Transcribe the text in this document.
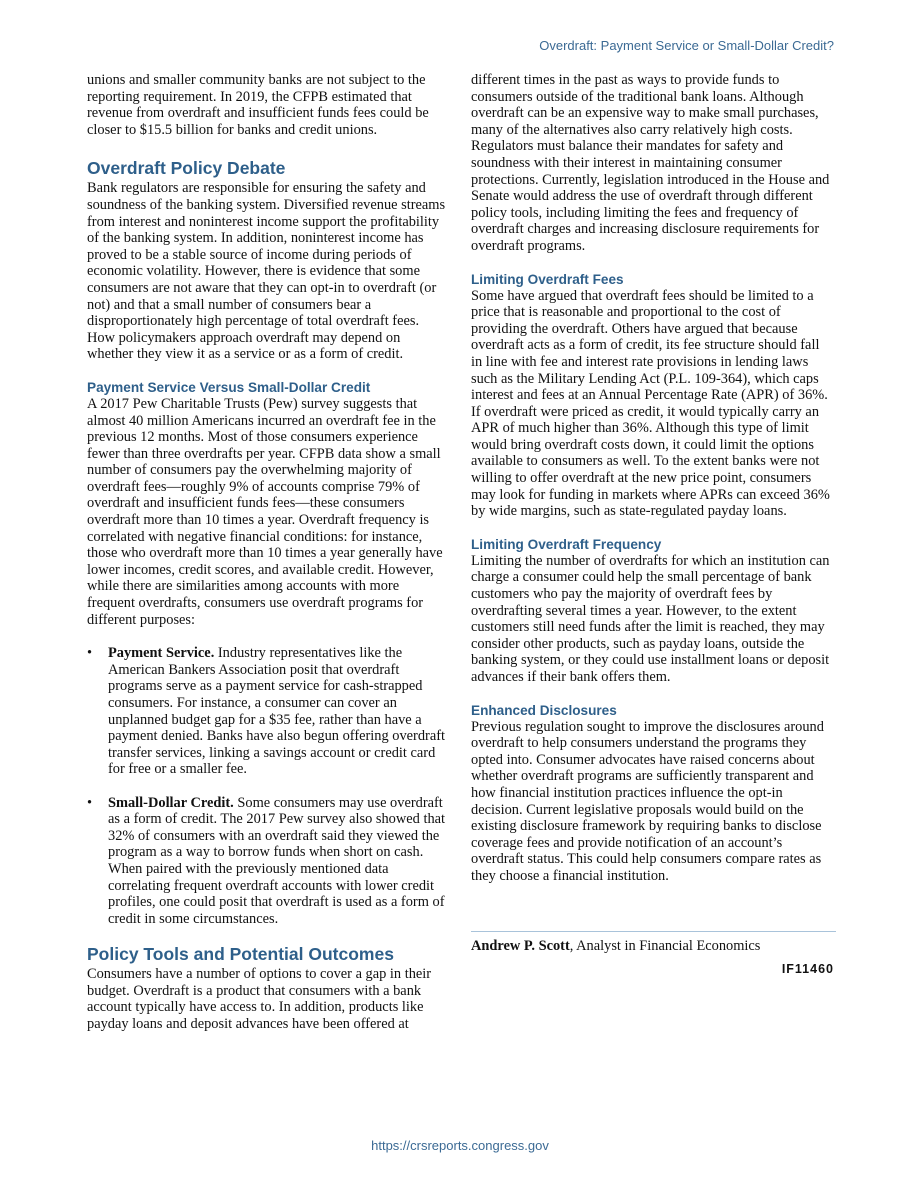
Overdraft: Payment Service or Small-Dollar Credit?

unions and smaller community banks are not subject to the reporting requirement. In 2019, the CFPB estimated that revenue from overdraft and insufficient funds fees could be closer to $15.5 billion for banks and credit unions.

Overdraft Policy Debate

Bank regulators are responsible for ensuring the safety and soundness of the banking system. Diversified revenue streams from interest and noninterest income support the profitability of the banking system. In addition, noninterest income has proved to be a stable source of income during periods of economic volatility. However, there is evidence that some consumers are not aware that they can opt-in to overdraft (or not) and that a small number of consumers bear a disproportionately high percentage of total overdraft fees. How policymakers approach overdraft may depend on whether they view it as a service or as a form of credit.

Payment Service Versus Small-Dollar Credit

A 2017 Pew Charitable Trusts (Pew) survey suggests that almost 40 million Americans incurred an overdraft fee in the previous 12 months. Most of those consumers experience fewer than three overdrafts per year. CFPB data show a small number of consumers pay the overwhelming majority of overdraft fees—roughly 9% of accounts comprise 79% of overdraft and insufficient funds fees—these consumers overdraft more than 10 times a year. Overdraft frequency is correlated with negative financial conditions: for instance, those who overdraft more than 10 times a year generally have lower incomes, credit scores, and available credit. However, while there are similarities among accounts with more frequent overdrafts, consumers use overdraft programs for different purposes:

• Payment Service. Industry representatives like the American Bankers Association posit that overdraft programs serve as a payment service for cash-strapped consumers. For instance, a consumer can cover an unplanned budget gap for a $35 fee, rather than have a payment denied. Banks have also begun offering overdraft transfer services, linking a savings account or credit card for free or a smaller fee.
• Small-Dollar Credit. Some consumers may use overdraft as a form of credit. The 2017 Pew survey also showed that 32% of consumers with an overdraft said they viewed the program as a way to borrow funds when short on cash. When paired with the previously mentioned data correlating frequent overdraft accounts with lower credit profiles, one could posit that overdraft is used as a form of credit in some circumstances.
Policy Tools and Potential Outcomes

Consumers have a number of options to cover a gap in their budget. Overdraft is a product that consumers with a bank account typically have access to. In addition, products like payday loans and deposit advances have been offered at

different times in the past as ways to provide funds to consumers outside of the traditional bank loans. Although overdraft can be an expensive way to make small purchases, many of the alternatives also carry relatively high costs. Regulators must balance their mandates for safety and soundness with their interest in maintaining consumer protections. Currently, legislation introduced in the House and Senate would address the use of overdraft through different policy tools, including limiting the fees and frequency of overdraft charges and increasing disclosure requirements for overdraft programs.

Limiting Overdraft Fees

Some have argued that overdraft fees should be limited to a price that is reasonable and proportional to the cost of providing the overdraft. Others have argued that because overdraft acts as a form of credit, its fee structure should fall in line with fee and interest rate provisions in lending laws such as the Military Lending Act (P.L. 109-364), which caps interest and fees at an Annual Percentage Rate (APR) of 36%. If overdraft were priced as credit, it would typically carry an APR of much higher than 36%. Although this type of limit would bring overdraft costs down, it could limit the options available to consumers as well. To the extent banks were not willing to offer overdraft at the new price point, consumers may look for funding in markets where APRs can exceed 36% by wide margins, such as state-regulated payday loans.

Limiting Overdraft Frequency

Limiting the number of overdrafts for which an institution can charge a consumer could help the small percentage of bank customers who pay the majority of overdraft fees by overdrafting several times a year. However, to the extent customers still need funds after the limit is reached, they may consider other products, such as payday loans, outside the banking system, or they could use installment loans or deposit advances if their bank offers them.

Enhanced Disclosures

Previous regulation sought to improve the disclosures around overdraft to help consumers understand the programs they opted into. Consumer advocates have raised concerns about whether overdraft programs are sufficiently transparent and how financial institution practices influence the opt-in decision. Current legislative proposals would build on the existing disclosure framework by requiring banks to disclose coverage fees and provide notification of an account’s overdraft status. This could help consumers compare rates as they choose a financial institution.

Andrew P. Scott, Analyst in Financial Economics

IF11460
https://crsreports.congress.gov
